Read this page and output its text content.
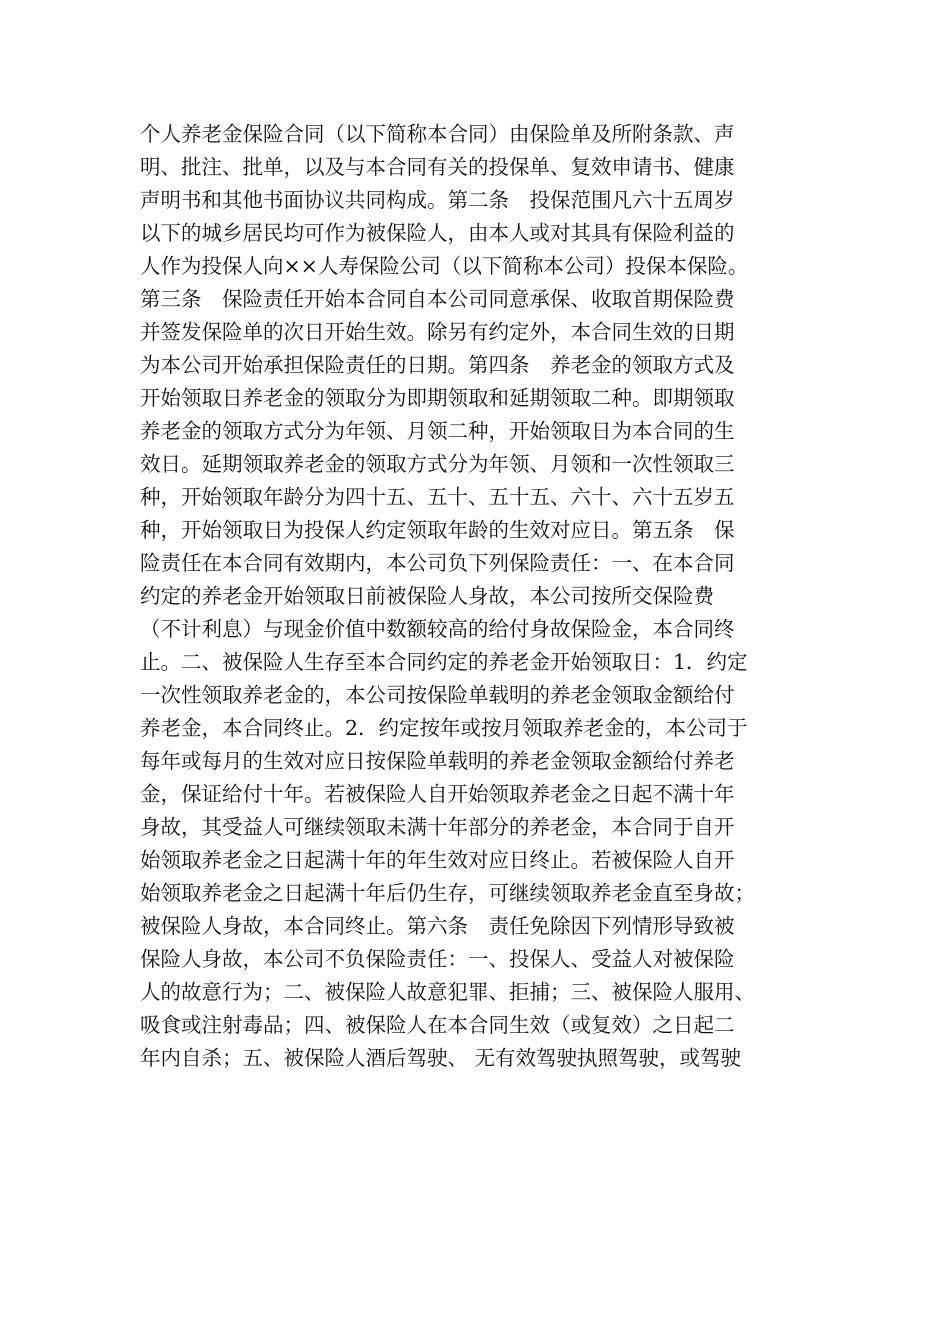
个人养老金保险合同（以下简称本合同）由保险单及所附条款、声
明、批注、批单，以及与本合同有关的投保单、复效申请书、健康
声明书和其他书面协议共同构成。第二条　投保范围凡六十五周岁
以下的城乡居民均可作为被保险人，由本人或对其具有保险利益的
人作为投保人向××人寿保险公司（以下简称本公司）投保本保险。
第三条　保险责任开始本合同自本公司同意承保、收取首期保险费
并签发保险单的次日开始生效。除另有约定外，本合同生效的日期
为本公司开始承担保险责任的日期。第四条　养老金的领取方式及
开始领取日养老金的领取分为即期领取和延期领取二种。即期领取
养老金的领取方式分为年领、月领二种，开始领取日为本合同的生
效日。延期领取养老金的领取方式分为年领、月领和一次性领取三
种，开始领取年龄分为四十五、五十、五十五、六十、六十五岁五
种，开始领取日为投保人约定领取年龄的生效对应日。第五条　保
险责任在本合同有效期内，本公司负下列保险责任：一、在本合同
约定的养老金开始领取日前被保险人身故，本公司按所交保险费
（不计利息）与现金价值中数额较高的给付身故保险金，本合同终
止。二、被保险人生存至本合同约定的养老金开始领取日：1．约定
一次性领取养老金的，本公司按保险单载明的养老金领取金额给付
养老金，本合同终止。2．约定按年或按月领取养老金的，本公司于
每年或每月的生效对应日按保险单载明的养老金领取金额给付养老
金，保证给付十年。若被保险人自开始领取养老金之日起不满十年
身故，其受益人可继续领取未满十年部分的养老金，本合同于自开
始领取养老金之日起满十年的年生效对应日终止。若被保险人自开
始领取养老金之日起满十年后仍生存，可继续领取养老金直至身故；
被保险人身故，本合同终止。第六条　责任免除因下列情形导致被
保险人身故，本公司不负保险责任：一、投保人、受益人对被保险
人的故意行为；二、被保险人故意犯罪、拒捕；三、被保险人服用、
吸食或注射毒品；四、被保险人在本合同生效（或复效）之日起二
年内自杀；五、被保险人酒后驾驶、 无有效驾驶执照驾驶，或驾驶
